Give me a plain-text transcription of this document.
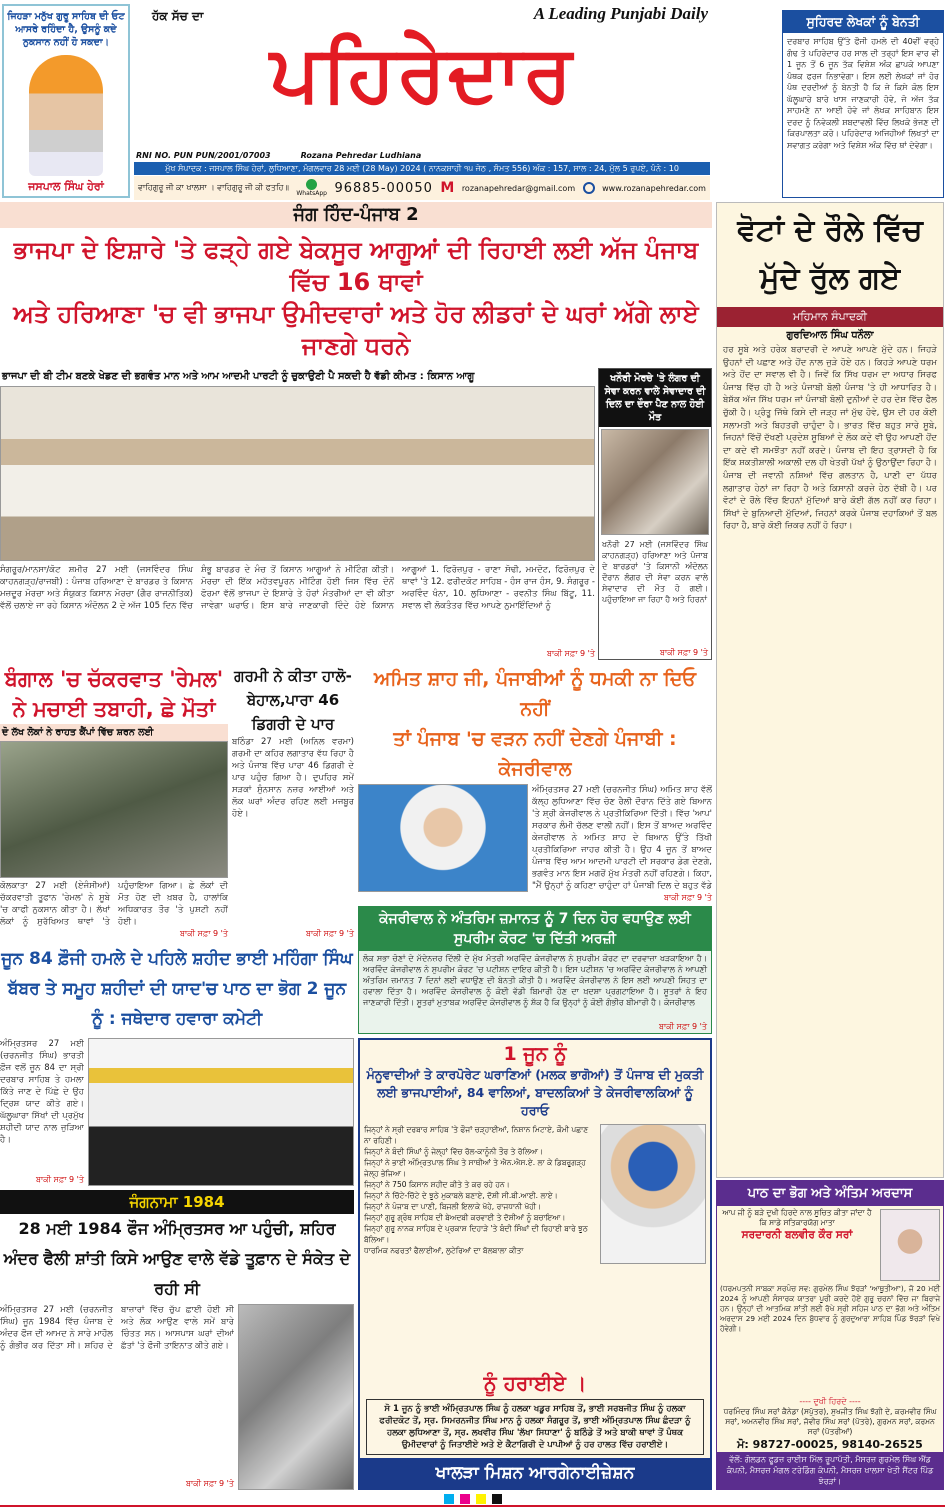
ਜਿਹੜਾ ਮਨੁੱਖ ਗੁਰੂ ਸਾਹਿਬ ਦੀ ਓਟ ਆਸਰੇ ਰਹਿੰਦਾ ਹੈ, ਉਸਨੂੰ ਕਦੇ ਨੁਕਸਾਨ ਨਹੀਂ ਹੋ ਸਕਦਾ।
ਜਸਪਾਲ ਸਿੰਘ ਹੇਰਾਂ
ਹੱਕ ਸੱਚ ਦਾ	A Leading Punjabi Daily
ਪਹਿਰੇਦਾਰ
RNI NO. PUN PUN/2001/07003	Rozana Pehredar Ludhiana
ਮੁੱਖ ਸੰਪਾਦਕ : ਜਸਪਾਲ ਸਿੰਘ ਹੇਰਾਂ, ਲੁਧਿਆਣਾ, ਮੰਗਲਵਾਰ 28 ਮਈ (28 May) 2024 ( ਨਾਨਕਸ਼ਾਹੀ ੧੫ ਜੇਠ , ਸੰਮਤ 556) ਅੰਕ : 157, ਸਾਲ : 24, ਮੁੱਲ 5 ਰੁਪਏ, ਪੰਨੇ : 10
ਵਾਹਿਗੁਰੂ ਜੀ ਕਾ ਖਾਲਸਾ । ਵਾਹਿਗੁਰੂ ਜੀ ਕੀ ਫਤਹਿ॥
WhatsApp 96885-00050 M rozanapehredar@gmail.com	www.rozanapehredar.com
ਸੁਹਿਰਦ ਲੇਖਕਾਂ ਨੂੰ ਬੇਨਤੀ
ਦਰਬਾਰ ਸਾਹਿਬ ਉੱਤੇ ਫੌਜੀ ਹਮਲੇ ਦੀ 40ਵੀਂ ਵਰ੍ਹੇ ਗੰਢ ਤੇ ਪਹਿਰੇਦਾਰ ਹਰ ਸਾਲ ਦੀ ਤਰ੍ਹਾਂ ਇਸ ਵਾਰ ਵੀ 1 ਜੂਨ ਤੋਂ 6 ਜੂਨ ਤੱਕ ਵਿਸ਼ੇਸ਼ ਅੰਕ ਛਾਪਕੇ ਆਪਣਾ ਪੰਥਕ ਫਰਜ ਨਿਭਾਵੇਗਾ। ਇਸ ਲਈ ਲੇਖਕਾਂ ਜਾਂ ਹੋਰ ਪੰਥ ਦਰਦੀਆਂ ਨੂੰ ਬੇਨਤੀ ਹੈ ਕਿ ਜੇ ਕਿਸੇ ਕੋਲ ਇਸ ਘੱਲੂਘਾਰੇ ਬਾਰੇ ਖਾਸ ਜਾਣਕਾਰੀ ਹੋਵੇ, ਜੋ ਅੱਜ ਤੱਕ ਸਾਹਮਣੇ ਨਾ ਆਈ ਹੋਵੇ ਜਾਂ ਲੇਖਕ ਸਾਹਿਬਾਨ ਇਸ ਦਰਦ ਨੂੰ ਨਿਵੇਕਲੀ ਸ਼ਬਦਾਵਲੀ ਵਿੱਚ ਲਿਖਕੇ ਭੇਜਣ ਦੀ ਕਿਰਪਾਲਤਾ ਕਰੋ। ਪਹਿਰੇਦਾਰ ਅਜਿਹੀਆਂ ਲਿਖਤਾਂ ਦਾ ਸਵਾਗਤ ਕਰੇਗਾ ਅਤੇ ਵਿਸ਼ੇਸ਼ ਅੰਕ ਵਿੱਚ ਥਾਂ ਦੇਵੇਗਾ।
ਜੰਗ ਹਿੰਦ-ਪੰਜਾਬ 2
ਭਾਜਪਾ ਦੇ ਇਸ਼ਾਰੇ 'ਤੇ ਫੜ੍ਹੇ ਗਏ ਬੇਕਸੂਰ ਆਗੂਆਂ ਦੀ ਰਿਹਾਈ ਲਈ ਅੱਜ ਪੰਜਾਬ ਵਿੱਚ 16 ਥਾਵਾਂ
ਅਤੇ ਹਰਿਆਣਾ 'ਚ ਵੀ ਭਾਜਪਾ ਉਮੀਦਵਾਰਾਂ ਅਤੇ ਹੋਰ ਲੀਡਰਾਂ ਦੇ ਘਰਾਂ ਅੱਗੇ ਲਾਏ ਜਾਣਗੇ ਧਰਨੇ
ਭਾਜਪਾ ਦੀ ਬੀ ਟੀਮ ਬਣਕੇ ਖੇਡਣ ਦੀ ਭਗਵੰਤ ਮਾਨ ਅਤੇ ਆਮ ਆਦਮੀ ਪਾਰਟੀ ਨੂੰ ਚੁਕਾਉਣੀ ਪੈ ਸਕਦੀ ਹੈ ਵੱਡੀ ਕੀਮਤ : ਕਿਸਾਨ ਆਗੂ
ਸੰਗਰੂਰ/ਮਾਨਸਾ/ਕੋਟ ਸ਼ਮੀਰ 27 ਮਈ (ਜਸਵਿੰਦਰ ਸਿੰਘ ਕਾਹਨਗੜ੍ਹ/ਰਾਜਬੀ) : ਪੰਜਾਬ ਹਰਿਆਣਾ ਦੇ ਬਾਰਡਰ ਤੇ ਕਿਸਾਨ ਮਜ਼ਦੂਰ ਮੋਰਚਾ ਅਤੇ ਸੰਯੁਕਤ ਕਿਸਾਨ ਮੋਰਚਾ (ਗੈਰ ਰਾਜਨੀਤਿਕ) ਵੱਲੋਂ ਚਲਾਏ ਜਾ ਰਹੇ ਕਿਸਾਨ ਅੰਦੋਲਨ 2 ਦੇ ਅੱਜ 105 ਦਿਨ ਵਿੱਚ ਸ਼ੰਭੂ ਬਾਰਡਰ ਦੇ ਮੰਚ ਤੋਂ ਕਿਸਾਨ ਆਗੂਆਂ ਨੇ ਮੀਟਿੰਗ ਕੀਤੀ। ਮੋਰਚਾ ਦੀ ਇੱਕ ਮਹੱਤਵਪੂਰਨ ਮੀਟਿੰਗ ਹੋਈ ਜਿਸ ਵਿੱਚ ਦੋਨੋਂ ਫੋਰਮਾ ਵੱਲੋਂ ਭਾਜਪਾ ਦੇ ਇਸ਼ਾਰੇ ਤੇ ਹੋਰਾਂ ਮੰਤਰੀਆਂ ਦਾ ਵੀ ਕੀਤਾ ਜਾਵੇਗਾ ਘਰਾਓ। ਇਸ ਬਾਰੇ ਜਾਣਕਾਰੀ ਦਿੰਦੇ ਹੋਏ ਕਿਸਾਨ ਆਗੂਆਂ 1. ਫਿਰੋਜ਼ਪੁਰ - ਰਾਣਾ ਸੋਢੀ, ਮਮਦੋਟ, ਫਿਰੋਜ਼ਪੁਰ ਦੇ ਥਾਵਾਂ 'ਤੇ 12. ਫਰੀਦਕੋਟ ਸਾਹਿਬ - ਹੰਸ ਰਾਜ ਹੰਸ, 9. ਸੰਗਰੂਰ - ਅਰਵਿੰਦ ਖੰਨਾ, 10. ਲੁਧਿਆਣਾ - ਰਵਨੀਤ ਸਿੰਘ ਬਿੱਟੂ, 11. ਸਵਾਲ ਵੀ ਲੋਕਤੰਤਰ ਵਿੱਚ ਆਪਣੇ ਨੁਮਾਇੰਦਿਆਂ ਨੂੰ
ਬਾਕੀ ਸਫ਼ਾ 9 'ਤੇ
ਖਨੌਰੀ ਮੋਰਚੇ 'ਤੇ ਲੰਗਰ ਦੀ ਸੇਵਾ ਕਰਨ ਵਾਲੇ ਸੇਵਾਦਾਰ ਦੀ ਦਿਲ ਦਾ ਦੌਰਾ ਪੈਣ ਨਾਲ ਹੋਈ ਮੌਤ
ਖਨੌਰੀ 27 ਮਈ (ਜਸਵਿੰਦਰ ਸਿੰਘ ਕਾਹਨਗੜ੍ਹ) ਹਰਿਆਣਾ ਅਤੇ ਪੰਜਾਬ ਦੇ ਬਾਰਡਰਾਂ 'ਤੇ ਕਿਸਾਨੀ ਅੰਦੋਲਨ ਦੌਰਾਨ ਲੰਗਰ ਦੀ ਸੇਵਾ ਕਰਨ ਵਾਲੇ ਸੇਵਾਦਾਰ ਦੀ ਮੌਤ ਹੋ ਗਈ। ਪਹੁੰਚਾਇਆ ਜਾ ਰਿਹਾ ਹੈ ਅਤੇ ਹਿਰਨਾਂ
ਬਾਕੀ ਸਫ਼ਾ 9 'ਤੇ
ਬੰਗਾਲ 'ਚ ਚੱਕਰਵਾਤ 'ਰੇਮਲ' ਨੇ ਮਚਾਈ ਤਬਾਹੀ, ਛੇ ਮੌਤਾਂ
ਦੋ ਲੱਖ ਲੋਕਾਂ ਨੇ ਰਾਹਤ ਕੈਂਪਾਂ ਵਿੱਚ ਸ਼ਰਨ ਲਈ
ਕੋਲਕਾਤਾ 27 ਮਈ (ਏਜੰਸੀਆਂ) ਚੱਕਰਵਾਤੀ ਤੂਫਾਨ 'ਰੇਮਲ' ਨੇ ਸੂਬੇ 'ਚ ਕਾਫੀ ਨੁਕਸਾਨ ਕੀਤਾ ਹੈ। ਲੱਖਾਂ ਲੋਕਾਂ ਨੂੰ ਸੁਰੱਖਿਅਤ ਥਾਵਾਂ 'ਤੇ ਪਹੁੰਚਾਇਆ ਗਿਆ। ਛੇ ਲੋਕਾਂ ਦੀ ਮੌਤ ਹੋਣ ਦੀ ਖ਼ਬਰ ਹੈ, ਹਾਲਾਂਕਿ ਅਧਿਕਾਰਤ ਤੌਰ 'ਤੇ ਪੁਸ਼ਟੀ ਨਹੀਂ ਹੋਈ।
ਬਾਕੀ ਸਫ਼ਾ 9 'ਤੇ
ਗਰਮੀ ਨੇ ਕੀਤਾ ਹਾਲੋ-ਬੇਹਾਲ,ਪਾਰਾ 46 ਡਿਗਰੀ ਦੇ ਪਾਰ
ਬਠਿੰਡਾ 27 ਮਈ (ਅਨਿਲ ਵਰਮਾ) ਗਰਮੀ ਦਾ ਕਹਿਰ ਲਗਾਤਾਰ ਵੱਧ ਰਿਹਾ ਹੈ ਅਤੇ ਪੰਜਾਬ ਵਿੱਚ ਪਾਰਾ 46 ਡਿਗਰੀ ਦੇ ਪਾਰ ਪਹੁੰਚ ਗਿਆ ਹੈ। ਦੁਪਹਿਰ ਸਮੇਂ ਸੜਕਾਂ ਸੁੰਨਸਾਨ ਨਜ਼ਰ ਆਈਆਂ ਅਤੇ ਲੋਕ ਘਰਾਂ ਅੰਦਰ ਰਹਿਣ ਲਈ ਮਜਬੂਰ ਹੋਏ।
ਬਾਕੀ ਸਫ਼ਾ 9 'ਤੇ
ਜੂਨ 84 ਫ਼ੌਜੀ ਹਮਲੇ ਦੇ ਪਹਿਲੇ ਸ਼ਹੀਦ ਭਾਈ ਮਹਿੰਗਾ ਸਿੰਘ ਬੱਬਰ ਤੇ ਸਮੂਹ ਸ਼ਹੀਦਾਂ ਦੀ ਯਾਦ'ਚ ਪਾਠ ਦਾ ਭੋਗ 2 ਜੂਨ ਨੂੰ : ਜਥੇਦਾਰ ਹਵਾਰਾ ਕਮੇਟੀ
ਅਮਿਤ ਸ਼ਾਹ ਜੀ, ਪੰਜਾਬੀਆਂ ਨੂੰ ਧਮਕੀ ਨਾ ਦਿਓ ਨਹੀਂ
ਤਾਂ ਪੰਜਾਬ 'ਚ ਵੜਨ ਨਹੀਂ ਦੇਣਗੇ ਪੰਜਾਬੀ : ਕੇਜਰੀਵਾਲ
ਅੰਮ੍ਰਿਤਸਰ 27 ਮਈ (ਚਰਨਜੀਤ ਸਿੰਘ) ਅਮਿਤ ਸ਼ਾਹ ਵੱਲੋਂ ਕੱਲ੍ਹ ਲੁਧਿਆਣਾ ਵਿੱਚ ਚੋਣ ਰੈਲੀ ਦੌਰਾਨ ਦਿੱਤੇ ਗਏ ਬਿਆਨ 'ਤੇ ਸ਼੍ਰੀ ਕੇਜਰੀਵਾਲ ਨੇ ਪ੍ਰਤੀਕਿਰਿਆ ਦਿੱਤੀ। ਵਿੱਚ 'ਆਪ' ਸਰਕਾਰ ਲੰਮੀ ਚੱਲਣ ਵਾਲੀ ਨਹੀਂ। ਇਸ ਤੋਂ ਬਾਅਦ ਅਰਵਿੰਦ ਕੇਜਰੀਵਾਲ ਨੇ ਅਮਿਤ ਸ਼ਾਹ ਦੇ ਬਿਆਨ ਉੱਤੇ ਤਿੱਖੀ ਪ੍ਰਤੀਕਿਰਿਆ ਜਾਹਰ ਕੀਤੀ ਹੈ। ਉਹ 4 ਜੂਨ ਤੋਂ ਬਾਅਦ ਪੰਜਾਬ ਵਿੱਚ ਆਮ ਆਦਮੀ ਪਾਰਟੀ ਦੀ ਸਰਕਾਰ ਡੇਗ ਦੇਣਗੇ, ਭਗਵੰਤ ਮਾਨ ਇਸ ਮਗਰੋਂ ਮੁੱਖ ਮੰਤਰੀ ਨਹੀਂ ਰਹਿਣਗੇ। ਕਿਹਾ, "ਮੈਂ ਉਨ੍ਹਾਂ ਨੂੰ ਕਹਿਣਾ ਚਾਹੁੰਦਾ ਹਾਂ ਪੰਜਾਬੀ ਦਿਲ ਦੇ ਬਹੁਤ ਵੱਡੇ
ਬਾਕੀ ਸਫ਼ਾ 9 'ਤੇ
ਕੇਜਰੀਵਾਲ ਨੇ ਅੰਤਰਿਮ ਜ਼ਮਾਨਤ ਨੂੰ 7 ਦਿਨ ਹੋਰ ਵਧਾਉਣ ਲਈ ਸੁਪਰੀਮ ਕੋਰਟ 'ਚ ਦਿੱਤੀ ਅਰਜ਼ੀ
ਲੋਕ ਸਭਾ ਚੋਣਾਂ ਦੇ ਮੱਦੇਨਜ਼ਰ ਦਿੱਲੀ ਦੇ ਮੁੱਖ ਮੰਤਰੀ ਅਰਵਿੰਦ ਕੇਜਰੀਵਾਲ ਨੇ ਸੁਪਰੀਮ ਕੋਰਟ ਦਾ ਦਰਵਾਜ਼ਾ ਖੜਕਾਇਆ ਹੈ। ਅਰਵਿੰਦ ਕੇਜਰੀਵਾਲ ਨੇ ਸੁਪਰੀਮ ਕੋਰਟ 'ਚ ਪਟੀਸ਼ਨ ਦਾਇਰ ਕੀਤੀ ਹੈ। ਇਸ ਪਟੀਸ਼ਨ 'ਚ ਅਰਵਿੰਦ ਕੇਜਰੀਵਾਲ ਨੇ ਆਪਣੀ ਅੰਤਰਿਮ ਜ਼ਮਾਨਤ 7 ਦਿਨਾਂ ਲਈ ਵਧਾਉਣ ਦੀ ਬੇਨਤੀ ਕੀਤੀ ਹੈ। ਅਰਵਿੰਦ ਕੇਜਰੀਵਾਲ ਨੇ ਇਸ ਲਈ ਆਪਣੀ ਸਿਹਤ ਦਾ ਹਵਾਲਾ ਦਿੱਤਾ ਹੈ। ਅਰਵਿੰਦ ਕੇਜਰੀਵਾਲ ਨੂੰ ਕੋਈ ਵੱਡੀ ਬਿਮਾਰੀ ਹੋਣ ਦਾ ਖ਼ਦਸ਼ਾ ਪ੍ਰਗਟਾਇਆ ਹੈ। ਸੂਤਰਾਂ ਨੇ ਇਹ ਜਾਣਕਾਰੀ ਦਿੱਤੀ। ਸੂਤਰਾਂ ਮੁਤਾਬਕ ਅਰਵਿੰਦ ਕੇਜਰੀਵਾਲ ਨੂੰ ਸ਼ੱਕ ਹੈ ਕਿ ਉਨ੍ਹਾਂ ਨੂੰ ਕੋਈ ਗੰਭੀਰ ਬੀਮਾਰੀ ਹੈ। ਕੇਜਰੀਵਾਲ
ਬਾਕੀ ਸਫ਼ਾ 9 'ਤੇ
ਅੰਮ੍ਰਿਤਸਰ 27 ਮਈ (ਚਰਨਜੀਤ ਸਿੰਘ) ਭਾਰਤੀ ਫ਼ੌਜ ਵਲੋਂ ਜੂਨ 84 ਦਾ ਸ੍ਰੀ ਦਰਬਾਰ ਸਾਹਿਬ ਤੇ ਹਮਲਾ ਕਿੱਤੇ ਜਾਣ ਦੇ ਪਿੱਛੇ ਦੇ ਉਹ ਦ੍ਰਿਸ਼ ਯਾਦ ਕੀਤੇ ਗਏ। ਘੱਲੂਘਾਰਾ ਸਿੱਖਾਂ ਦੀ ਪ੍ਰਮੁੱਖ ਸ਼ਹੀਦੀ ਯਾਦ ਨਾਲ ਜੁੜਿਆ ਹੈ।
ਬਾਕੀ ਸਫ਼ਾ 9 'ਤੇ
ਜੰਗਨਾਮਾ 1984
28 ਮਈ 1984 ਫੌਜ ਅੰਮ੍ਰਿਤਸਰ ਆ ਪਹੁੰਚੀ, ਸ਼ਹਿਰ ਅੰਦਰ ਫੈਲੀ ਸ਼ਾਂਤੀ ਕਿਸੇ ਆਉਣ ਵਾਲੇ ਵੱਡੇ ਤੂਫ਼ਾਨ ਦੇ ਸੰਕੇਤ ਦੇ ਰਹੀ ਸੀ
ਅੰਮ੍ਰਿਤਸਰ 27 ਮਈ (ਚਰਨਜੀਤ ਸਿੰਘ) ਜੂਨ 1984 ਵਿੱਚ ਪੰਜਾਬ ਦੇ ਅੰਦਰ ਫੌਜ ਦੀ ਆਮਦ ਨੇ ਸਾਰੇ ਮਾਹੌਲ ਨੂੰ ਗੰਭੀਰ ਕਰ ਦਿੱਤਾ ਸੀ। ਸ਼ਹਿਰ ਦੇ ਬਾਜ਼ਾਰਾਂ ਵਿੱਚ ਚੁੱਪ ਛਾਈ ਹੋਈ ਸੀ ਅਤੇ ਲੋਕ ਆਉਣ ਵਾਲੇ ਸਮੇਂ ਬਾਰੇ ਚਿੰਤਤ ਸਨ। ਆਸਪਾਸ ਘਰਾਂ ਦੀਆਂ ਛੱਤਾਂ 'ਤੇ ਫੌਜੀ ਤਾਇਨਾਤ ਕੀਤੇ ਗਏ।
ਬਾਕੀ ਸਫ਼ਾ 9 'ਤੇ
1 ਜੂਨ ਨੂੰ
ਮੰਨੂਵਾਦੀਆਂ ਤੇ ਕਾਰਪੋਰੇਟ ਘਰਾਣਿਆਂ (ਮਲਕ ਭਾਗੋਆਂ) ਤੋਂ ਪੰਜਾਬ ਦੀ ਮੁਕਤੀ ਲਈ ਭਾਜਪਾਈਆਂ, 84 ਵਾਲਿਆਂ, ਬਾਦਲਕਿਆਂ ਤੇ ਕੇਜਰੀਵਾਲਕਿਆਂ ਨੂੰ ਹਰਾਓ
ਜਿਨ੍ਹਾਂ ਨੇ ਸ੍ਰੀ ਦਰਬਾਰ ਸਾਹਿਬ 'ਤੇ ਫੌਜਾਂ ਚੜ੍ਹਾਈਆਂ, ਨਿਸ਼ਾਨ ਮਿਟਾਏ, ਕੌਮੀ ਪਛਾਣ ਨਾ ਰਹਿਣੀ।
ਜਿਨ੍ਹਾਂ ਨੇ ਬੰਦੀ ਸਿੰਘਾਂ ਨੂੰ ਜੇਲ੍ਹਾਂ ਵਿੱਚ ਰੋਲ-ਕਾਨੂੰਨੀ ਤੌਰ ਤੇ ਰੋਲਿਆ।
ਜਿਨ੍ਹਾਂ ਨੇ ਭਾਈ ਅੰਮ੍ਰਿਤਪਾਲ ਸਿੰਘ ਤੇ ਸਾਥੀਆਂ ਤੇ ਐਨ.ਐਸ.ਏ. ਲਾ ਕੇ ਡਿਬਰੂਗੜ੍ਹ ਜੇਲ੍ਹ ਭੇਜਿਆ।
ਜਿਨ੍ਹਾਂ ਨੇ 750 ਕਿਸਾਨ ਸ਼ਹੀਦ ਕੀਤੇ ਤੇ ਕਰ ਰਹੇ ਹਨ।
ਜਿਨ੍ਹਾਂ ਨੇ ਚਿੱਟੇ-ਚਿੱਟੇ ਦੇ ਝੂਠੇ ਮੁਕਾਬਲੇ ਬਣਾਏ, ਦੋਸ਼ੀ ਸੀ.ਬੀ.ਆਈ. ਲਾਏ।
ਜਿਨ੍ਹਾਂ ਨੇ ਪੰਜਾਬ ਦਾ ਪਾਣੀ, ਬਿਜਲੀ ਇਲਾਕੇ ਖੋਹੇ, ਰਾਜਧਾਨੀ ਖੋਹੀ।
ਜਿਨ੍ਹਾਂ ਗੁਰੂ ਗ੍ਰੰਥ ਸਾਹਿਬ ਦੀ ਬੇਅਦਬੀ ਕਰਵਾਈ ਤੇ ਦੋਸ਼ੀਆਂ ਨੂੰ ਬਚਾਇਆ।
ਜਿਨ੍ਹਾਂ ਗੁਰੂ ਨਾਨਕ ਸਾਹਿਬ ਦੇ ਪ੍ਰਕਾਸ਼ ਦਿਹਾੜੇ 'ਤੇ ਬੰਦੀ ਸਿੰਘਾਂ ਦੀ ਰਿਹਾਈ ਬਾਰੇ ਝੂਠ ਬੋਲਿਆ।
ਧਾਰਮਿਕ ਨਫਰਤਾਂ ਫੈਲਾਈਆਂ, ਲੁਟੇਰਿਆਂ ਦਾ ਬੋਲਬਾਲਾ ਕੀਤਾ
ਨੂੰ ਹਰਾਈਏ ।
ਸੋ 1 ਜੂਨ ਨੂੰ ਭਾਈ ਅੰਮ੍ਰਿਤਪਾਲ ਸਿੰਘ ਨੂੰ ਹਲਕਾ ਖਡੂਰ ਸਾਹਿਬ ਤੋਂ, ਭਾਈ ਸਰਬਜੀਤ ਸਿੰਘ ਨੂੰ ਹਲਕਾ ਫਰੀਦਕੋਟ ਤੋਂ, ਸ੍ਰ. ਸਿਮਰਨਜੀਤ ਸਿੰਘ ਮਾਨ ਨੂੰ ਹਲਕਾ ਸੰਗਰੂਰ ਤੋਂ, ਭਾਈ ਅੰਮ੍ਰਿਤਪਾਲ ਸਿੰਘ ਛੰਦੜਾ ਨੂੰ ਹਲਕਾ ਲੁਧਿਆਣਾ ਤੋਂ, ਸ੍ਰ. ਲਖਵੀਰ ਸਿੰਘ 'ਲੱਖਾ ਸਿਧਾਣਾ' ਨੂੰ ਬਠਿੰਡੇ ਤੋਂ ਅਤੇ ਬਾਕੀ ਥਾਵਾਂ ਤੋਂ ਪੰਥਕ ਉਮੀਦਵਾਰਾਂ ਨੂੰ ਜਿਤਾਈਏ ਅਤੇ ਏ ਕੈਟਾਗਿਰੀ ਦੇ ਪਾਪੀਆਂ ਨੂੰ ਹਰ ਹਾਲਤ ਵਿੱਚ ਹਰਾਈਏ।
ਖਾਲੜਾ ਮਿਸ਼ਨ ਆਰਗੇਨਾਈਜ਼ੇਸ਼ਨ
ਵੋਟਾਂ ਦੇ ਰੌਲੇ ਵਿੱਚ ਮੁੱਦੇ ਰੁੱਲ ਗਏ
ਮਹਿਮਾਨ ਸੰਪਾਦਕੀ
ਗੁਰਦਿਆਲ ਸਿੰਘ ਧਨੌਲਾ
ਹਰ ਸੂਬੇ ਅਤੇ ਹਰੇਕ ਬਰਾਦਰੀ ਦੇ ਆਪਣੇ ਆਪਣੇ ਮੁੱਦੇ ਹਨ। ਜਿਹੜੇ ਉਹਨਾਂ ਦੀ ਪਛਾਣ ਅਤੇ ਹੋਂਦ ਨਾਲ ਜੁੜੇ ਹੋਏ ਹਨ। ਕਿਹੜੇ ਆਪਣੇ ਧਰਮ ਅਤੇ ਹੋਂਦ ਦਾ ਸਵਾਲ ਵੀ ਹੈ। ਜਿਵੇਂ ਕਿ ਸਿੱਖ ਧਰਮ ਦਾ ਅਧਾਰ ਸਿਰਫ ਪੰਜਾਬ ਵਿੱਚ ਹੀ ਹੈ ਅਤੇ ਪੰਜਾਬੀ ਬੋਲੀ ਪੰਜਾਬ 'ਤੇ ਹੀ ਆਧਾਰਿਤ ਹੈ। ਬੇਸ਼ੱਕ ਅੱਜ ਸਿੱਖ ਧਰਮ ਜਾਂ ਪੰਜਾਬੀ ਬੋਲੀ ਦੁਨੀਆਂ ਦੇ ਹਰ ਦੇਸ਼ ਵਿੱਚ ਫੈਲ ਚੁੱਕੀ ਹੈ। ਪ੍ਰੰਤੂ ਜਿੱਥੇ ਕਿਸੇ ਦੀ ਜੜ੍ਹ ਜਾਂ ਮੁੱਢ ਹੋਵੇ, ਉਸ ਦੀ ਹਰ ਕੋਈ ਸਲਾਮਤੀ ਅਤੇ ਬਿਹਤਰੀ ਚਾਹੁੰਦਾ ਹੈ। ਭਾਰਤ ਵਿੱਚ ਬਹੁਤ ਸਾਰੇ ਸੂਬੇ, ਜਿਹਨਾਂ ਵਿੱਚੋਂ ਦੱਖਣੀ ਪ੍ਰਦੇਸ਼ ਸੂਬਿਆਂ ਦੇ ਲੋਕ ਕਦੇ ਵੀ ਉਹ ਆਪਣੀ ਹੋਂਦ ਦਾ ਕਦੇ ਵੀ ਸਮਝੌਤਾ ਨਹੀਂ ਕਰਦੇ। ਪੰਜਾਬ ਦੀ ਇਹ ਤ੍ਰਾਸਦੀ ਹੈ ਕਿ ਇੱਕ ਸ਼ਕਤੀਸ਼ਾਲੀ ਅਕਾਲੀ ਦਲ ਹੀ ਖੇਤਰੀ ਪੱਖਾਂ ਨੂੰ ਉਠਾਉਂਦਾ ਰਿਹਾ ਹੈ। ਪੰਜਾਬ ਦੀ ਜਵਾਨੀ ਨਸ਼ਿਆਂ ਵਿੱਚ ਗਲਤਾਨ ਹੈ, ਪਾਣੀ ਦਾ ਪੱਧਰ ਲਗਾਤਾਰ ਹੇਠਾਂ ਜਾ ਰਿਹਾ ਹੈ ਅਤੇ ਕਿਸਾਨੀ ਕਰਜ਼ੇ ਹੇਠ ਦੱਬੀ ਹੈ। ਪਰ ਵੋਟਾਂ ਦੇ ਰੌਲੇ ਵਿੱਚ ਇਹਨਾਂ ਮੁੱਦਿਆਂ ਬਾਰੇ ਕੋਈ ਗੱਲ ਨਹੀਂ ਕਰ ਰਿਹਾ। ਸਿੱਖਾਂ ਦੇ ਬੁਨਿਆਦੀ ਮੁੱਦਿਆਂ, ਜਿਹਨਾਂ ਕਰਕੇ ਪੰਜਾਬ ਦਹਾਕਿਆਂ ਤੋਂ ਬਲ ਰਿਹਾ ਹੈ, ਬਾਰੇ ਕੋਈ ਜ਼ਿਕਰ ਨਹੀਂ ਹੋ ਰਿਹਾ।
ਪਾਠ ਦਾ ਭੋਗ ਅਤੇ ਅੰਤਿਮ ਅਰਦਾਸ
ਆਪ ਜੀ ਨੂੰ ਬੜੇ ਦੁਖੀ ਹਿਰਦੇ ਨਾਲ ਸੂਚਿਤ ਕੀਤਾ ਜਾਂਦਾ ਹੈ ਕਿ ਸਾਡੇ ਸਤਿਕਾਰਯੋਗ ਮਾਤਾ
ਸਰਦਾਰਨੀ ਬਲਵੀਰ ਕੌਰ ਸਰਾਂ
(ਧਰਮਪਤਨੀ ਸਾਬਕਾ ਸਰਪੰਚ ਸਵ: ਗੁਰਮੇਲ ਸਿੰਘ ਝੋਰੜਾਂ 'ਆਥੂਤੀਆ'), ਜੋ 20 ਮਈ 2024 ਨੂੰ ਆਪਣੀ ਸੰਸਾਰਕ ਯਾਤਰਾ ਪੂਰੀ ਕਰਦੇ ਹੋਏ ਗੁਰੂ ਚਰਨਾਂ ਵਿੱਚ ਜਾ ਬਿਰਾਜੇ ਹਨ। ਉਨ੍ਹਾਂ ਦੀ ਆਤਮਿਕ ਸ਼ਾਂਤੀ ਲਈ ਰੱਖੇ ਸ੍ਰੀ ਸਹਿਜ ਪਾਠ ਦਾ ਭੋਗ ਅਤੇ ਅੰਤਿਮ ਅਰਦਾਸ 29 ਮਈ 2024 ਦਿਨ ਬੁੱਧਵਾਰ ਨੂੰ ਗੁਰਦੁਆਰਾ ਸਾਹਿਬ ਪਿੰਡ ਝੋਰੜਾਂ ਵਿਖੇ ਹੋਵੇਗੀ।
---- ਦੁਖੀ ਹਿਰਦੇ ----
ਧਰਮਿੰਦਰ ਸਿੰਘ ਸਰਾਂ ਕੈਨੇਡਾ (ਸਪੁੱਤਰ), ਸੁਖਜੀਤ ਸਿੰਘ ਝੱਗੀ ਦੇ, ਕਰਮਵੀਰ ਸਿੰਘ ਸਰਾਂ, ਅਮਨਵੀਰ ਸਿੰਘ ਸਰਾਂ, ਜੋਵੀਰ ਸਿੰਘ ਸਰਾਂ (ਪੋਤਰੇ), ਗੁਰਮਨ ਸਰਾਂ, ਕਰਮਨ ਸਰਾਂ (ਪੋਤਰੀਆਂ)
ਮੋ: 98727-00025, 98140-26525
ਵੱਲੋਂ: ਗੋਲਡਨ ਫੂਡਜ਼ ਰਾਈਸ ਮਿੱਲ ਰੂਪਾਪੱਤੀ, ਮੈਸਰਜ਼ ਗੁਰਮੇਲ ਸਿੰਘ ਐਂਡ ਕੰਪਨੀ, ਮੈਸਰਜ਼ ਮੰਗਲ ਟਰੇਡਿੰਗ ਕੰਪਨੀ, ਮੈਸਰਜ਼ ਖਾਲਸਾ ਖੇਤੀ ਸੈਂਟਰ ਪਿੰਡ ਝੋਰੜਾਂ।
